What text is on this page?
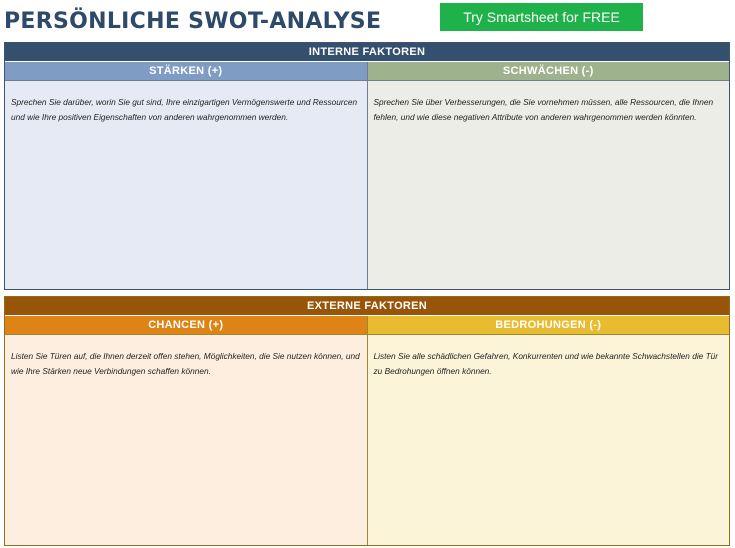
PERSÖNLICHE SWOT-ANALYSE	Try Smartsheet for FREE
INTERNE FAKTOREN
STÄRKEN (+)
Sprechen Sie darüber, worin Sie gut sind, Ihre einzigartigen Vermögenswerte und Ressourcen und wie Ihre positiven Eigenschaften von anderen wahrgenommen werden.
SCHWÄCHEN (-)
Sprechen Sie über Verbesserungen, die Sie vornehmen müssen, alle Ressourcen, die Ihnen fehlen, und wie diese negativen Attribute von anderen wahrgenommen werden könnten.
EXTERNE FAKTOREN
CHANCEN (+)
Listen Sie Türen auf, die Ihnen derzeit offen stehen, Möglichkeiten, die Sie nutzen können, und wie Ihre Stärken neue Verbindungen schaffen können.
BEDROHUNGEN (-)
Listen Sie alle schädlichen Gefahren, Konkurrenten und wie bekannte Schwachstellen die Tür zu Bedrohungen öffnen können.
